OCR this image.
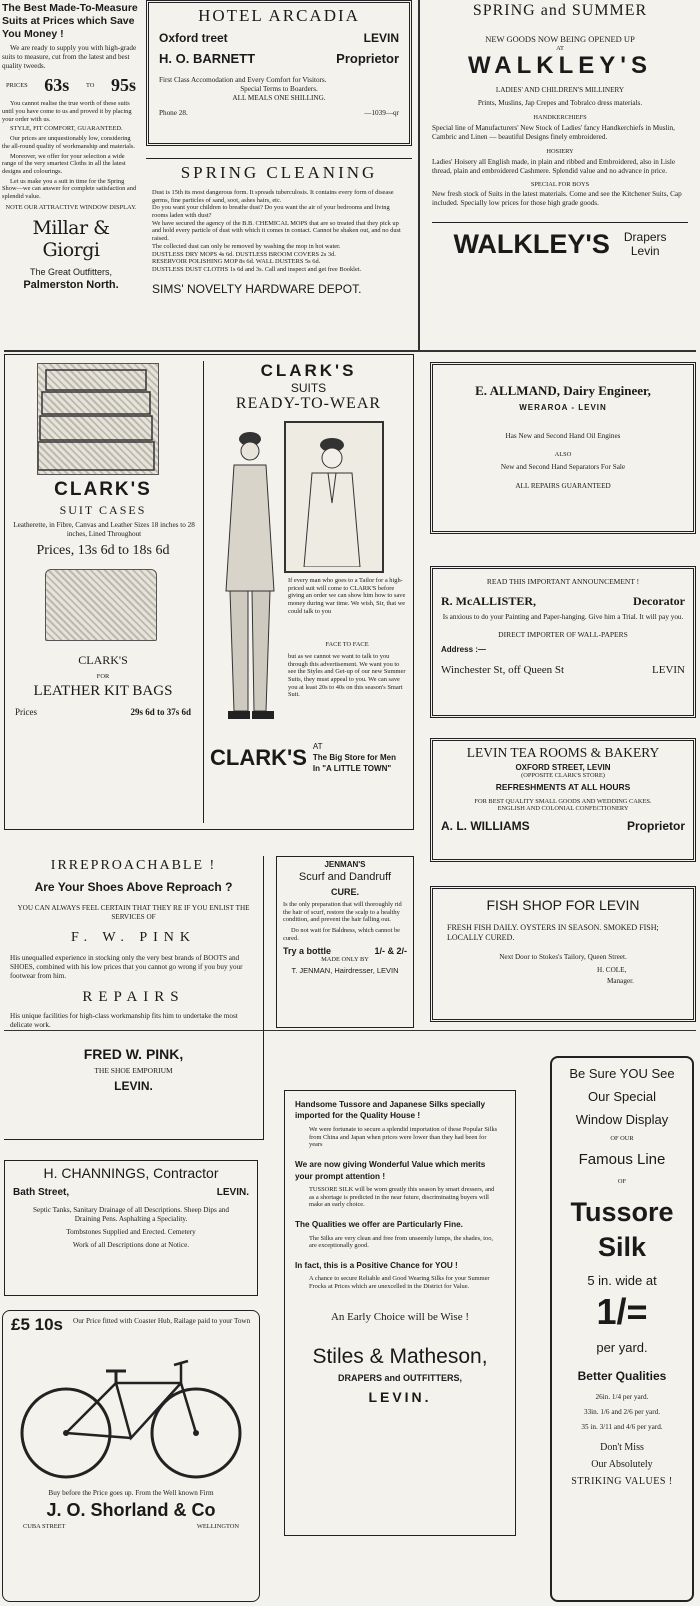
The Best Made-To-Measure Suits at Prices which Save You Money !

We are ready to supply you with high-grade suits to measure, cut from the latest and best quality tweeds.

PRICES 63s	TO 95s

You cannot realise the true worth of these suits until you have come to us and proved it by placing your order with us.

STYLE, FIT COMFORT, GUARANTEED.

Our prices are unquestionably low, considering the all-round quality of workmanship and materials.

Moreover, we offer for your selection a wide range of the very smartest Cloths in all the latest designs and colourings.

Let us make you a suit in time for the Spring Show—we can answer for complete satisfaction and splendid value.

NOTE OUR ATTRACTIVE WINDOW DISPLAY.

Millar & Giorgi
The Great Outfitters,
Palmerston North.
HOTEL ARCADIA
Oxford treet	LEVIN
H. O. BARNETT	Proprietor
First Class Accomodation and Every Comfort for Visitors.
Special Terms to Boarders.
ALL MEALS ONE SHILLING.
Phone 28.	—1039—qr
SPRING CLEANING

Dust is 15th its most dangerous form. It spreads tuberculosis. It contains every form of disease germs, fine particles of sand, soot, ashes hairs, etc.

Do you want your children to breathe dust? Do you want the air of your bedrooms and living rooms laden with dust?

We have secured the agency of the B.B. CHEMICAL MOPS that are so treated that they pick up and hold every particle of dust with which it comes in contact. Cannot be shaken out, and no dust raised.

The collected dust can only be removed by washing the mop in hot water.

DUSTLESS DRY MOPS 4s 6d. DUSTLESS BROOM COVERS 2s 3d.

RESERVOIR POLISHING MOP 8s 6d. WALL DUSTERS 5s 6d.

DUSTLESS DUST CLOTHS 1s 6d and 3s. Call and inspect and get free Booklet.

SIMS' NOVELTY HARDWARE DEPOT.
SPRING and SUMMER
NEW GOODS NOW BEING OPENED UP
AT
WALKLEY'S
LADIES' AND CHILDREN'S MILLINERY
Prints, Muslins, Jap Crepes and Tobralco dress materials.
HANDKERCHIEFS

Special line of Manufacturers' New Stock of Ladies' fancy Handkerchiefs in Muslin, Cambric and Linen — beautiful Designs finely embroidered.

HOSIERY

Ladies' Hoisery all English made, in plain and ribbed and Embroidered, also in Lisle thread, plain and embroidered Cashmere. Splendid value and no advance in price.

SPECIAL FOR BOYS

New fresh stock of Suits in the latest materials. Come and see the Kitchener Suits, Cap included. Specially low prices for those high grade goods.

WALKLEY'S Drapers
Levin
CLARK'S
SUIT CASES
Leatherette, in Fibre, Canvas and Leather Sizes 18 inches to 28 inches, Lined Throughout
Prices, 13s 6d to 18s 6d
CLARK'S
FOR
LEATHER KIT BAGS
Prices	29s 6d to 37s 6d
CLARK'S
SUITS
READY-TO-WEAR
If every man who goes to a Tailor for a high-priced suit will come to CLARK'S before giving an order we can show him how to save money during war time. We wish, Sir, that we could talk to you
FACE TO FACE
but as we cannot we want to talk to you through this advertisement. We want you to see the Styles and Get-up of our new Summer Suits, they must appeal to you. We can save you at least 20s to 40s on this season's Smart Suit.
CLARK'S AT
The Big Store for Men
In "A LITTLE TOWN"
E. ALLMAND, Dairy Engineer,
WERAROA - LEVIN
Has New and Second Hand Oil Engines
ALSO
New and Second Hand Separators For Sale
ALL REPAIRS GUARANTEED
READ THIS IMPORTANT ANNOUNCEMENT !
R. McALLISTER,	Decorator
Is anxious to do your Painting and Paper-hanging. Give him a Trial. It will pay you.
DIRECT IMPORTER OF WALL-PAPERS
Address :—
Winchester St, off Queen St	LEVIN
LEVIN TEA ROOMS & BAKERY
OXFORD STREET, LEVIN
(OPPOSITE CLARK'S STORE)
REFRESHMENTS AT ALL HOURS
FOR BEST QUALITY SMALL GOODS AND WEDDING CAKES. ENGLISH AND COLONIAL CONFECTIONERY
A. L. WILLIAMS	Proprietor
FISH SHOP FOR LEVIN
FRESH FISH DAILY. OYSTERS IN SEASON. SMOKED FISH; LOCALLY CURED.
Next Door to Stokes's Tailory, Queen Street.
H. COLE,
Manager.
IRREPROACHABLE !
Are Your Shoes Above Reproach ?
YOU CAN ALWAYS FEEL CERTAIN THAT THEY RE IF YOU ENLIST THE SERVICES OF
F. W. PINK
His unequalled experience in stocking only the very best brands of BOOTS and SHOES, combined with his low prices that you cannot go wrong if you buy your footwear from him.
REPAIRS
His unique facilities for high-class workmanship fits him to undertake the most delicate work.
FRED W. PINK,
THE SHOE EMPORIUM
LEVIN.
JENMAN'S
Scurf and Dandruff
CURE.

Is the only preparation that will thoroughly rid the hair of scurf, restore the scalp to a healthy condition, and prevent the hair falling out.

Do not wait for Baldness, which cannot be cured.

Try a bottle	1/- & 2/-
MADE ONLY BY
T. JENMAN, Hairdresser, LEVIN
H. CHANNINGS, Contractor
Bath Street,	LEVIN.
Septic Tanks, Sanitary Drainage of all Descriptions. Sheep Dips and Draining Pens. Asphalting a Speciality.
Tombstones Supplied and Erected. Cemetery
Work of all Descriptions done at Notice.
£5 10s Our Price fitted with Coaster Hub, Railage paid to your Town
Buy before the Price goes up. From the Well known Firm
J. O. Shorland & Co
CUBA STREET	WELLINGTON
Handsome Tussore and Japanese Silks specially imported for the Quality House !
We were fortunate to secure a splendid importation of these Popular Silks from China and Japan when prices were lower than they had been for years
We are now giving Wonderful Value which merits your prompt attention !
TUSSORE SILK will be worn greatly this season by smart dressers, and as a shortage is predicted in the near future, discriminating buyers will make an early choice.
The Qualities we offer are Particularly Fine.
The Silks are very clean and free from unseemly lumps, the shades, too, are exceptionally good.
In fact, this is a Positive Chance for YOU !
A chance to secure Reliable and Good Wearing Silks for your Summer Frocks at Prices which are unexcelled in the District for Value.
An Early Choice will be Wise !
Stiles & Matheson,
DRAPERS and OUTFITTERS,
LEVIN.
Be Sure YOU See
Our Special
Window Display
OF OUR
Famous Line
OF
Tussore
Silk
5 in. wide at
1/=
per yard.
Better Qualities
26in. 1/4 per yard.
33in. 1/6 and 2/6 per yard.
35 in. 3/11 and 4/6 per yard.
Don't Miss
Our Absolutely
STRIKING VALUES !
